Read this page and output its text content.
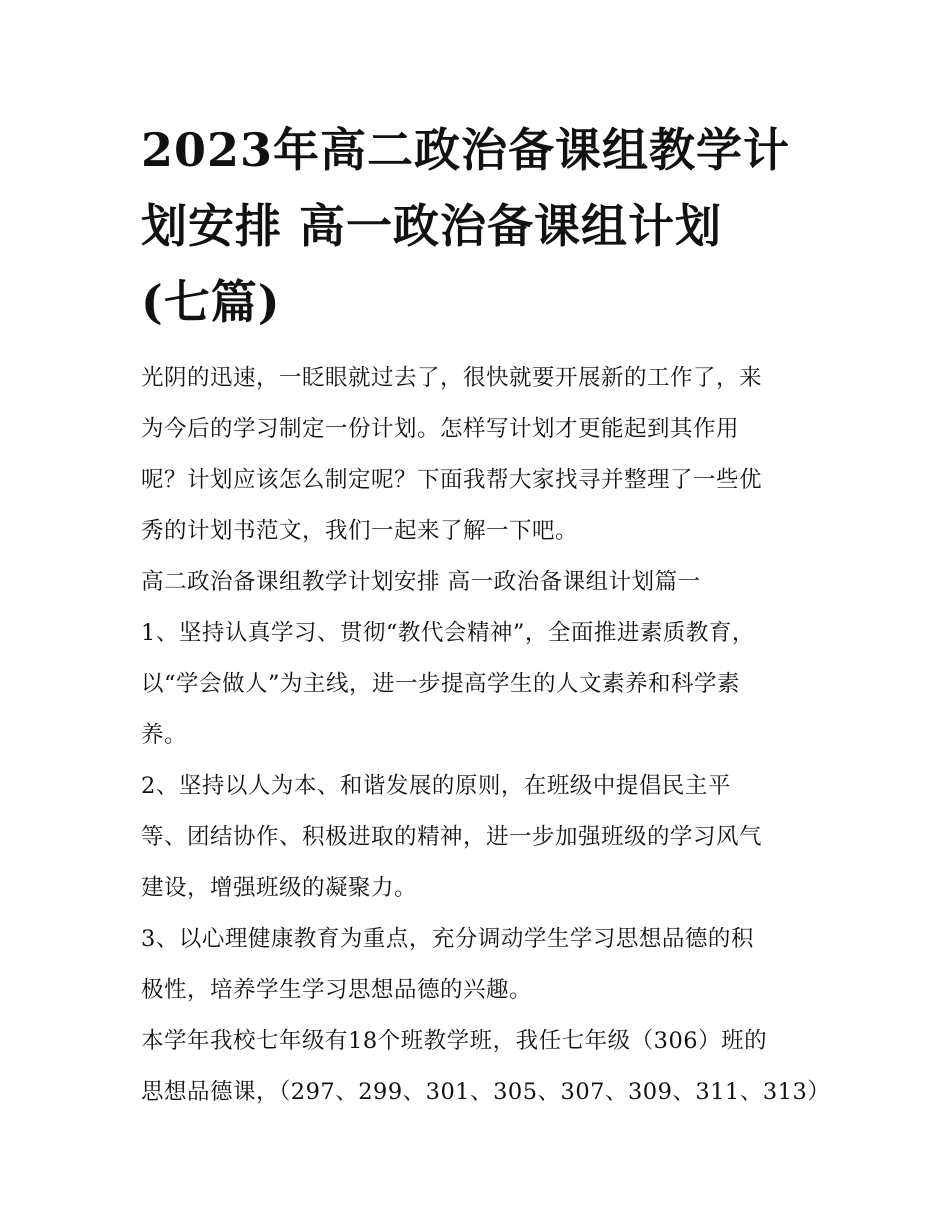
2023年高二政治备课组教学计
划安排 高一政治备课组计划
(七篇)
光阴的迅速，一眨眼就过去了，很快就要开展新的工作了，来
为今后的学习制定一份计划。怎样写计划才更能起到其作用
呢？计划应该怎么制定呢？下面我帮大家找寻并整理了一些优
秀的计划书范文，我们一起来了解一下吧。
高二政治备课组教学计划安排 高一政治备课组计划篇一
1、坚持认真学习、贯彻“教代会精神”，全面推进素质教育，
以“学会做人”为主线，进一步提高学生的人文素养和科学素
养。
2、坚持以人为本、和谐发展的原则，在班级中提倡民主平
等、团结协作、积极进取的精神，进一步加强班级的学习风气
建设，增强班级的凝聚力。
3、以心理健康教育为重点，充分调动学生学习思想品德的积
极性，培养学生学习思想品德的兴趣。
本学年我校七年级有18个班教学班，我任七年级（306）班的
思想品德课，（297、299、301、305、307、309、311、313）
